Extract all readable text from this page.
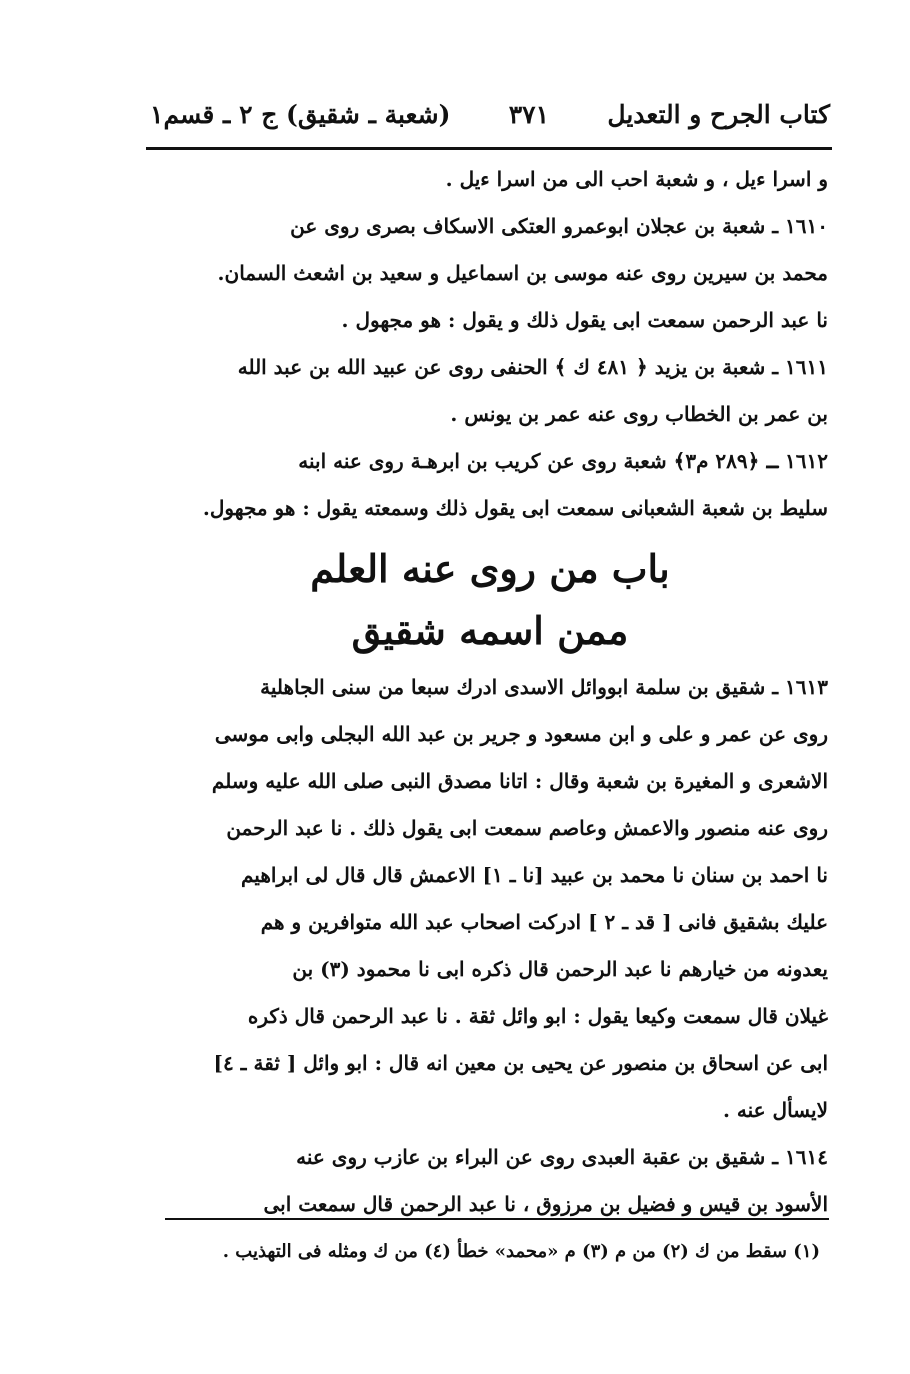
كتاب الجرح و التعديل
٣٧١
(شعبة ـ شقيق) ج ٢ ـ قسم١
و اسرا ءيل ، و شعبة احب الى من اسرا ءيل .
١٦١٠ ـ شعبة بن عجلان ابوعمرو العتكى الاسكاف بصرى روى عن
محمد بن سيرين روى عنه موسى بن اسماعيل و سعيد بن اشعث السمان.
نا عبد الرحمن سمعت ابى يقول ذلك و يقول : هو مجهول .
١٦١١ ـ شعبة بن يزيد ﴿ ٤٨١ ك ﴾ الحنفى روى عن عبيد الله بن عبد الله
بن عمر بن الخطاب روى عنه عمر بن يونس .
١٦١٢ ـ ﴿٢٨٩ م٣﴾ شعبة روى عن كريب بن ابرهـة روى عنه ابنه
سليط بن شعبة الشعبانى سمعت ابى يقول ذلك وسمعته يقول : هو مجهول.
باب من روى عنه العلم
ممن اسمه شقيق
١٦١٣ ـ شقيق بن سلمة ابووائل الاسدى ادرك سبعا من سنى الجاهلية
روى عن عمر و على و ابن مسعود و جرير بن عبد الله البجلى وابى موسى
الاشعرى و المغيرة بن شعبة وقال : اتانا مصدق النبى صلى الله عليه وسلم
روى عنه منصور والاعمش وعاصم سمعت ابى يقول ذلك . نا عبد الرحمن
نا احمد بن سنان نا محمد بن عبيد [نا ـ ١] الاعمش قال قال لى ابراهيم
عليك بشقيق فانى [ قد ـ ٢ ] ادركت اصحاب عبد الله متوافرين و هم
يعدونه من خيارهم نا عبد الرحمن قال ذكره ابى نا محمود (٣) بن
غيلان قال سمعت وكيعا يقول : ابو وائل ثقة . نا عبد الرحمن قال ذكره
ابى عن اسحاق بن منصور عن يحيى بن معين انه قال : ابو وائل [ ثقة ـ ٤]
لايسأل عنه .
١٦١٤ ـ شقيق بن عقبة العبدى روى عن البراء بن عازب روى عنه
الأسود بن قيس و فضيل بن مرزوق ، نا عبد الرحمن قال سمعت ابى
(١) سقط من ك (٢) من م (٣) م «محمد» خطأ (٤) من ك ومثله فى التهذيب .
